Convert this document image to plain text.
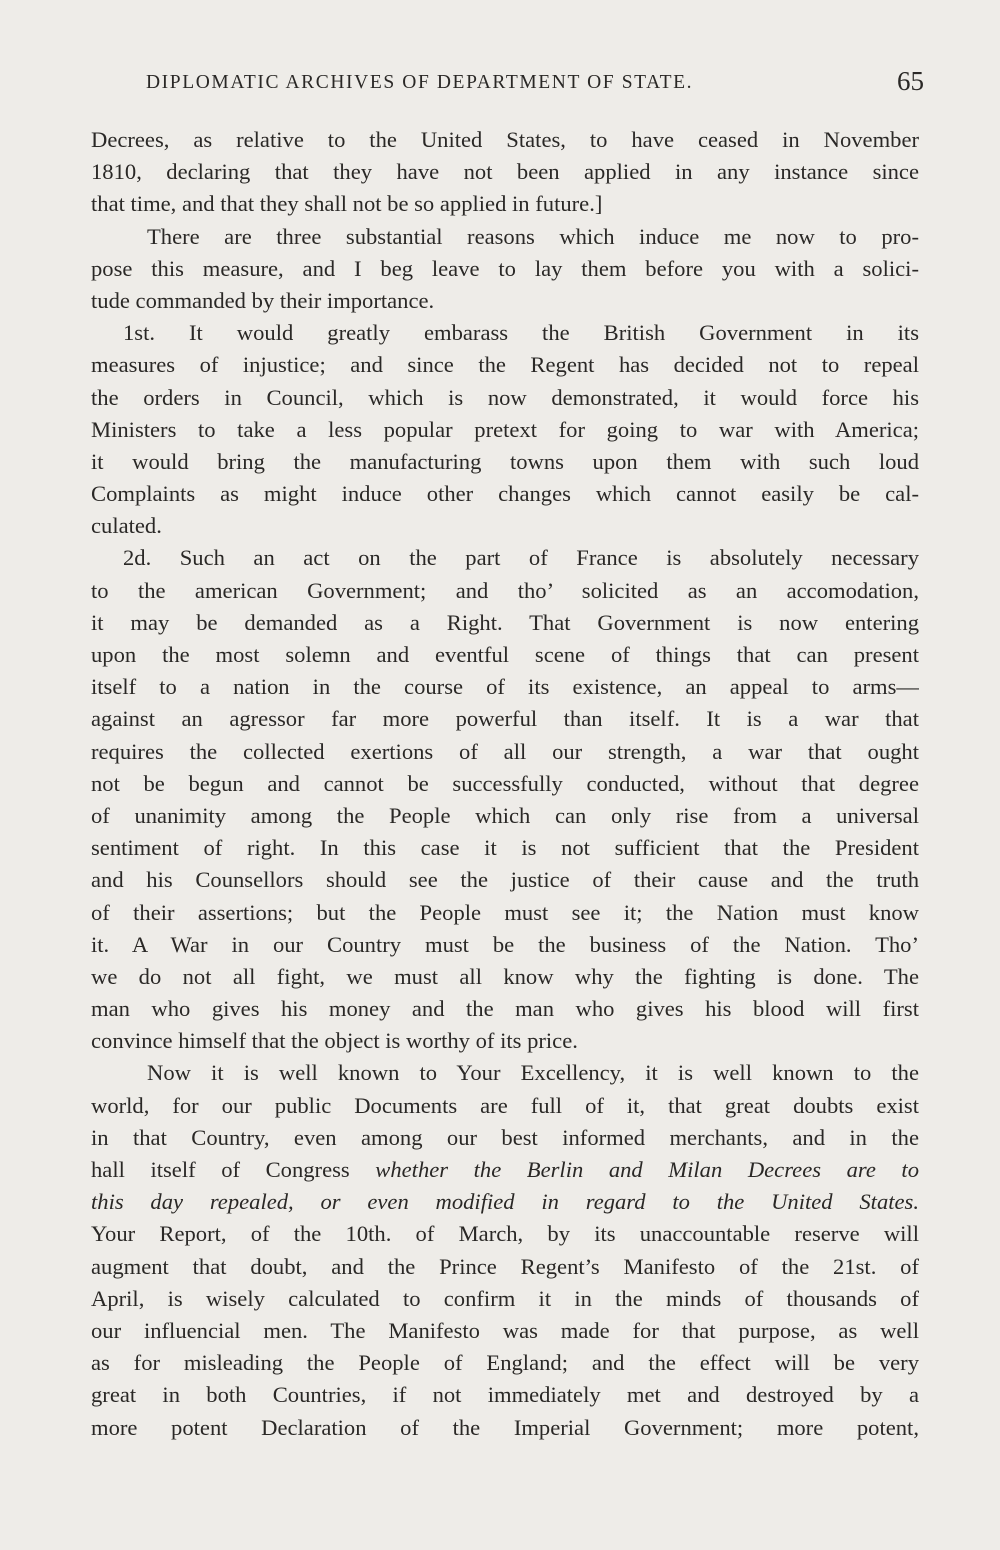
DIPLOMATIC ARCHIVES OF DEPARTMENT OF STATE.	65
Decrees, as relative to the United States, to have ceased in November
1810, declaring that they have not been applied in any instance since
that time, and that they shall not be so applied in future.]
There are three substantial reasons which induce me now to pro-
pose this measure, and I beg leave to lay them before you with a solici-
tude commanded by their importance.
1st. It would greatly embarass the British Government in its
measures of injustice; and since the Regent has decided not to repeal
the orders in Council, which is now demonstrated, it would force his
Ministers to take a less popular pretext for going to war with America;
it would bring the manufacturing towns upon them with such loud
Complaints as might induce other changes which cannot easily be cal-
culated.
2d. Such an act on the part of France is absolutely necessary
to the american Government; and tho’ solicited as an accomodation,
it may be demanded as a Right. That Government is now entering
upon the most solemn and eventful scene of things that can present
itself to a nation in the course of its existence, an appeal to arms—
against an agressor far more powerful than itself. It is a war that
requires the collected exertions of all our strength, a war that ought
not be begun and cannot be successfully conducted, without that degree
of unanimity among the People which can only rise from a universal
sentiment of right. In this case it is not sufficient that the President
and his Counsellors should see the justice of their cause and the truth
of their assertions; but the People must see it; the Nation must know
it. A War in our Country must be the business of the Nation. Tho’
we do not all fight, we must all know why the fighting is done. The
man who gives his money and the man who gives his blood will first
convince himself that the object is worthy of its price.
Now it is well known to Your Excellency, it is well known to the
world, for our public Documents are full of it, that great doubts exist
in that Country, even among our best informed merchants, and in the
hall itself of Congress whether the Berlin and Milan Decrees are to
this day repealed, or even modified in regard to the United States.
Your Report, of the 10th. of March, by its unaccountable reserve will
augment that doubt, and the Prince Regent’s Manifesto of the 21st. of
April, is wisely calculated to confirm it in the minds of thousands of
our influencial men. The Manifesto was made for that purpose, as well
as for misleading the People of England; and the effect will be very
great in both Countries, if not immediately met and destroyed by a
more potent Declaration of the Imperial Government; more potent,
